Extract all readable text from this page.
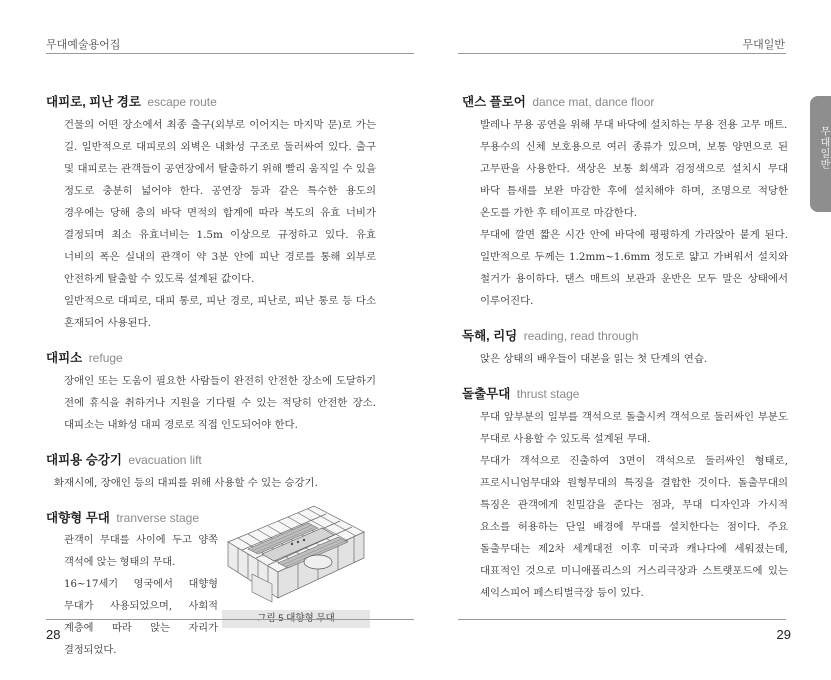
무대예술용어집	무대일반
무대일반
대피로, 피난 경로 escape route

건물의 어떤 장소에서 최종 출구(외부로 이어지는 마지막 문)로 가는 길. 일반적으로 대피로의 외벽은 내화성 구조로 둘러싸여 있다. 출구 및 대피로는 관객들이 공연장에서 탈출하기 위해 빨리 움직일 수 있을 정도로 충분히 넓어야 한다. 공연장 등과 같은 특수한 용도의 경우에는 당해 층의 바닥 면적의 합계에 따라 복도의 유효 너비가 결정되며 최소 유효너비는 1.5m 이상으로 규정하고 있다. 유효 너비의 폭은 실내의 관객이 약 3분 안에 피난 경로를 통해 외부로 안전하게 탈출할 수 있도록 설계된 값이다.

일반적으로 대피로, 대피 통로, 피난 경로, 피난로, 피난 통로 등 다소 혼재되어 사용된다.

대피소 refuge

장애인 또는 도움이 필요한 사람들이 완전히 안전한 장소에 도달하기 전에 휴식을 취하거나 지원을 기다릴 수 있는 적당히 안전한 장소. 대피소는 내화성 대피 경로로 직접 인도되어야 한다.

대피용 승강기 evacuation lift

화재시에, 장애인 등의 대피를 위해 사용할 수 있는 승강기.

대향형 무대 tranverse stage

관객이 무대를 사이에 두고 양쪽 객석에 앉는 형태의 무대.

16~17세기 영국에서 대향형 무대가 사용되었으며, 사회적 계층에 따라 앉는 자리가 결정되었다.

댄스 플로어 dance mat, dance floor

발레나 무용 공연을 위해 무대 바닥에 설치하는 무용 전용 고무 매트.

무용수의 신체 보호용으로 여러 종류가 있으며, 보통 양면으로 된 고무판을 사용한다. 색상은 보통 회색과 검정색으로 설치시 무대 바닥 틈새를 보완 마감한 후에 설치해야 하며, 조명으로 적당한 온도를 가한 후 테이프로 마감한다.

무대에 깔면 짧은 시간 안에 바닥에 평평하게 가라앉아 붙게 된다. 일반적으로 두께는 1.2mm~1.6mm 정도로 얇고 가벼워서 설치와 철거가 용이하다. 댄스 매트의 보관과 운반은 모두 말은 상태에서 이루어진다.

독해, 리딩 reading, read through

앉은 상태의 배우들이 대본을 읽는 첫 단계의 연습.

돌출무대 thrust stage

무대 앞부분의 일부를 객석으로 돌출시켜 객석으로 둘러싸인 부분도 무대로 사용할 수 있도록 설계된 무대.

무대가 객석으로 진출하여 3면이 객석으로 둘러싸인 형태로, 프로시니엄무대와 원형무대의 특징을 결합한 것이다. 돌출무대의 특징은 관객에게 친밀감을 준다는 점과, 무대 디자인과 가시적 요소를 허용하는 단일 배경에 무대를 설치한다는 점이다. 주요 돌출무대는 제2차 세계대전 이후 미국과 캐나다에 세워졌는데, 대표적인 것으로 미니애폴리스의 거스리극장과 스트랫포드에 있는 셰익스피어 페스티벌극장 등이 있다.

28	29
